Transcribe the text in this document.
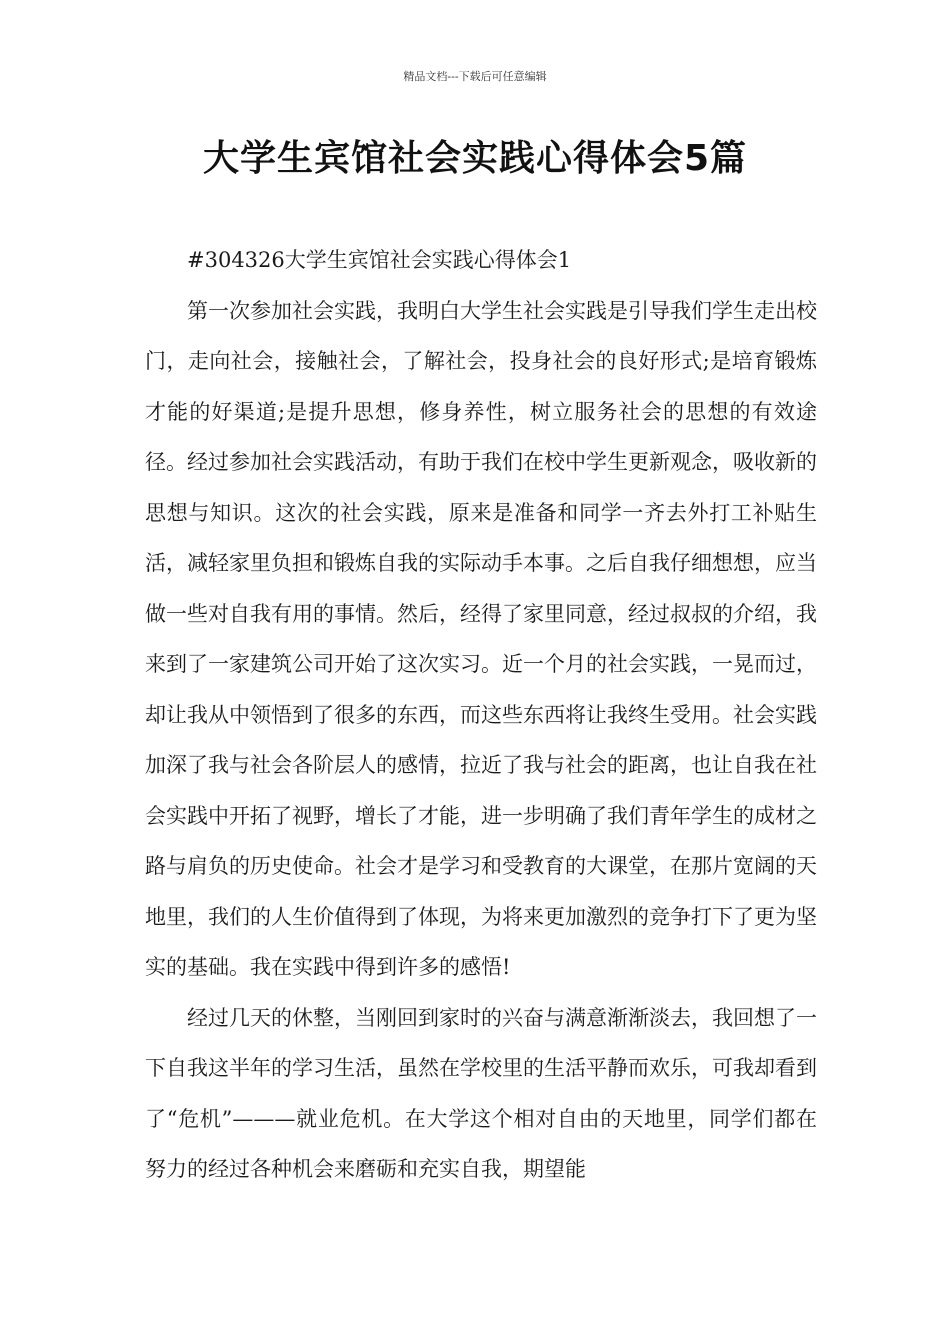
精品文档---下载后可任意编辑
大学生宾馆社会实践心得体会5篇

#304326大学生宾馆社会实践心得体会1

第一次参加社会实践，我明白大学生社会实践是引导我们学生走出校门，走向社会，接触社会，了解社会，投身社会的良好形式;是培育锻炼才能的好渠道;是提升思想，修身养性，树立服务社会的思想的有效途径。经过参加社会实践活动，有助于我们在校中学生更新观念，吸收新的思想与知识。这次的社会实践，原来是准备和同学一齐去外打工补贴生活，减轻家里负担和锻炼自我的实际动手本事。之后自我仔细想想，应当做一些对自我有用的事情。然后，经得了家里同意，经过叔叔的介绍，我来到了一家建筑公司开始了这次实习。近一个月的社会实践，一晃而过，却让我从中领悟到了很多的东西，而这些东西将让我终生受用。社会实践加深了我与社会各阶层人的感情，拉近了我与社会的距离，也让自我在社会实践中开拓了视野，增长了才能，进一步明确了我们青年学生的成材之路与肩负的历史使命。社会才是学习和受教育的大课堂，在那片宽阔的天地里，我们的人生价值得到了体现，为将来更加激烈的竞争打下了更为坚实的基础。我在实践中得到许多的感悟!

经过几天的休整，当刚回到家时的兴奋与满意渐渐淡去，我回想了一下自我这半年的学习生活，虽然在学校里的生活平静而欢乐，可我却看到了“危机”———就业危机。在大学这个相对自由的天地里，同学们都在努力的经过各种机会来磨砺和充实自我，期望能
